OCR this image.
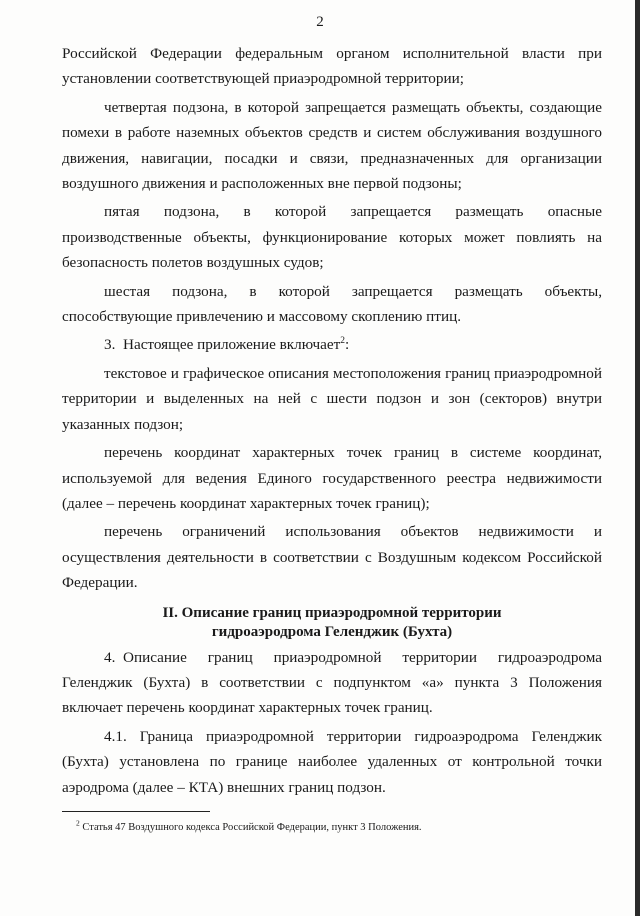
2

Российской Федерации федеральным органом исполнительной власти при установлении соответствующей приаэродромной территории;

четвертая подзона, в которой запрещается размещать объекты, создающие помехи в работе наземных объектов средств и систем обслуживания воздушного движения, навигации, посадки и связи, предназначенных для организации воздушного движения и расположенных вне первой подзоны;

пятая подзона, в которой запрещается размещать опасные производственные объекты, функционирование которых может повлиять на безопасность полетов воздушных судов;

шестая подзона, в которой запрещается размещать объекты, способствующие привлечению и массовому скоплению птиц.

3. Настоящее приложение включает$^2$:

текстовое и графическое описания местоположения границ приаэродромной территории и выделенных на ней с шести подзон и зон (секторов) внутри указанных подзон;

перечень координат характерных точек границ в системе координат, используемой для ведения Единого государственного реестра недвижимости (далее – перечень координат характерных точек границ);

перечень ограничений использования объектов недвижимости и осуществления деятельности в соответствии с Воздушным кодексом Российской Федерации.

II. Описание границ приаэродромной территории
гидроаэродрома Геленджик (Бухта)

4. Описание границ приаэродромной территории гидроаэродрома Геленджик (Бухта) в соответствии с подпунктом «а» пункта 3 Положения включает перечень координат характерных точек границ.

4.1. Граница приаэродромной территории гидроаэродрома Геленджик (Бухта) установлена по границе наиболее удаленных от контрольной точки аэродрома (далее – КТА) внешних границ подзон.

$^2$ Статья 47 Воздушного кодекса Российской Федерации, пункт 3 Положения.
